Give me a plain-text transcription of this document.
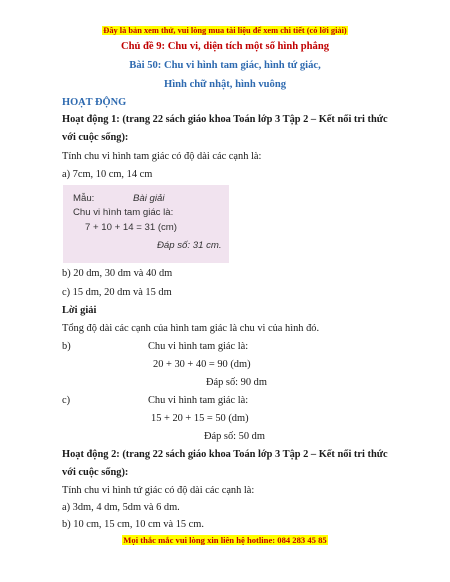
Đây là bản xem thử, vui lòng mua tài liệu để xem chi tiết (có lời giải)
Chủ đề 9: Chu vi, diện tích một số hình phẳng
Bài 50: Chu vi hình tam giác, hình tứ giác,
Hình chữ nhật, hình vuông
HOẠT ĐỘNG
Hoạt động 1: (trang 22 sách giáo khoa Toán lớp 3 Tập 2 – Kết nối tri thức
với cuộc sống):
Tính chu vi hình tam giác có độ dài các cạnh là:
a) 7cm, 10 cm, 14 cm
Mẫu:	Bài giải
Chu vi hình tam giác là:
7 + 10 + 14 = 31 (cm)
Đáp số: 31 cm.
b) 20 dm, 30 dm và 40 dm
c) 15 dm, 20 dm và 15 dm
Lời giải
Tổng độ dài các cạnh của hình tam giác là chu vi của hình đó.
b)	Chu vi hình tam giác là:
20 + 30 + 40 = 90 (dm)
Đáp số: 90 dm
c)	Chu vi hình tam giác là:
15 + 20 + 15 = 50 (dm)
Đáp số: 50 dm
Hoạt động 2: (trang 22 sách giáo khoa Toán lớp 3 Tập 2 – Kết nối tri thức
với cuộc sống):
Tính chu vi hình tứ giác có độ dài các cạnh là:
a) 3dm, 4 dm, 5dm và 6 dm.
b) 10 cm, 15 cm, 10 cm và 15 cm.
Mọi thắc mắc vui lòng xin liên hệ hotline: 084 283 45 85
